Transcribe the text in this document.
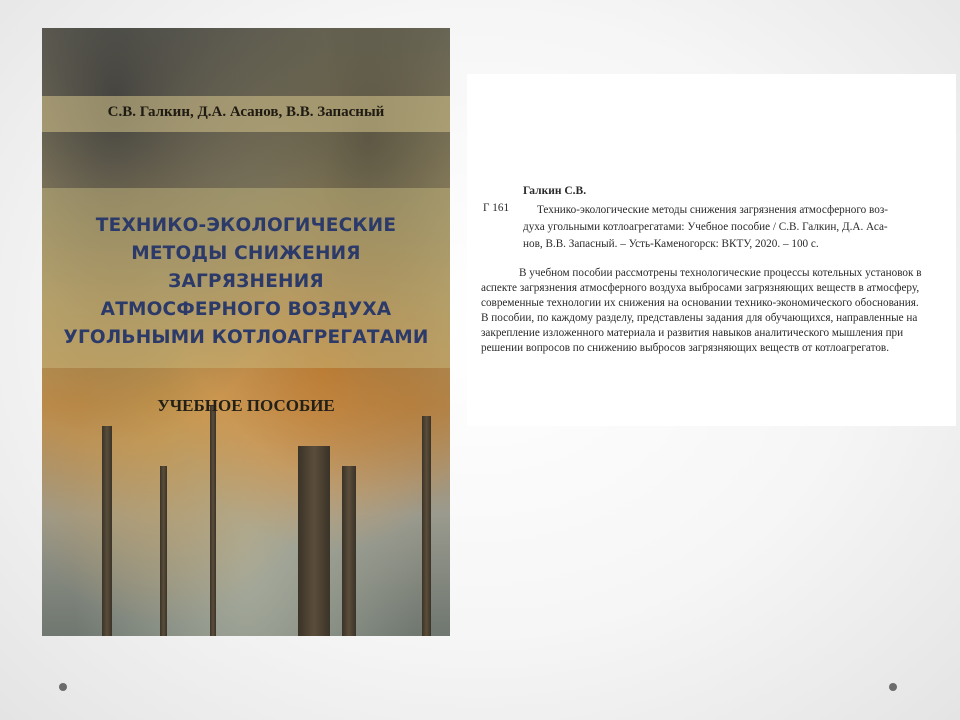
С.В. Галкин, Д.А. Асанов, В.В. Запасный
ТЕХНИКО-ЭКОЛОГИЧЕСКИЕ
МЕТОДЫ СНИЖЕНИЯ
ЗАГРЯЗНЕНИЯ
АТМОСФЕРНОГО ВОЗДУХА
УГОЛЬНЫМИ КОТЛОАГРЕГАТАМИ
УЧЕБНОЕ ПОСОБИЕ
Галкин С.В.
Г 161	Технико-экологические методы снижения загрязнения атмосферного воз-
духа угольными котлоагрегатами: Учебное пособие / С.В. Галкин, Д.А. Аса-
нов, В.В. Запасный. – Усть-Каменогорск: ВКТУ, 2020. – 100 с.
В учебном пособии рассмотрены технологические процессы котельных установок в
аспекте загрязнения атмосферного воздуха выбросами загрязняющих веществ в атмосферу,
современные технологии их снижения на основании технико-экономического обоснования.
В пособии, по каждому разделу, представлены задания для обучающихся, направленные на
закрепление изложенного материала и развития навыков аналитического мышления при
решении вопросов по снижению выбросов загрязняющих веществ от котлоагрегатов.
